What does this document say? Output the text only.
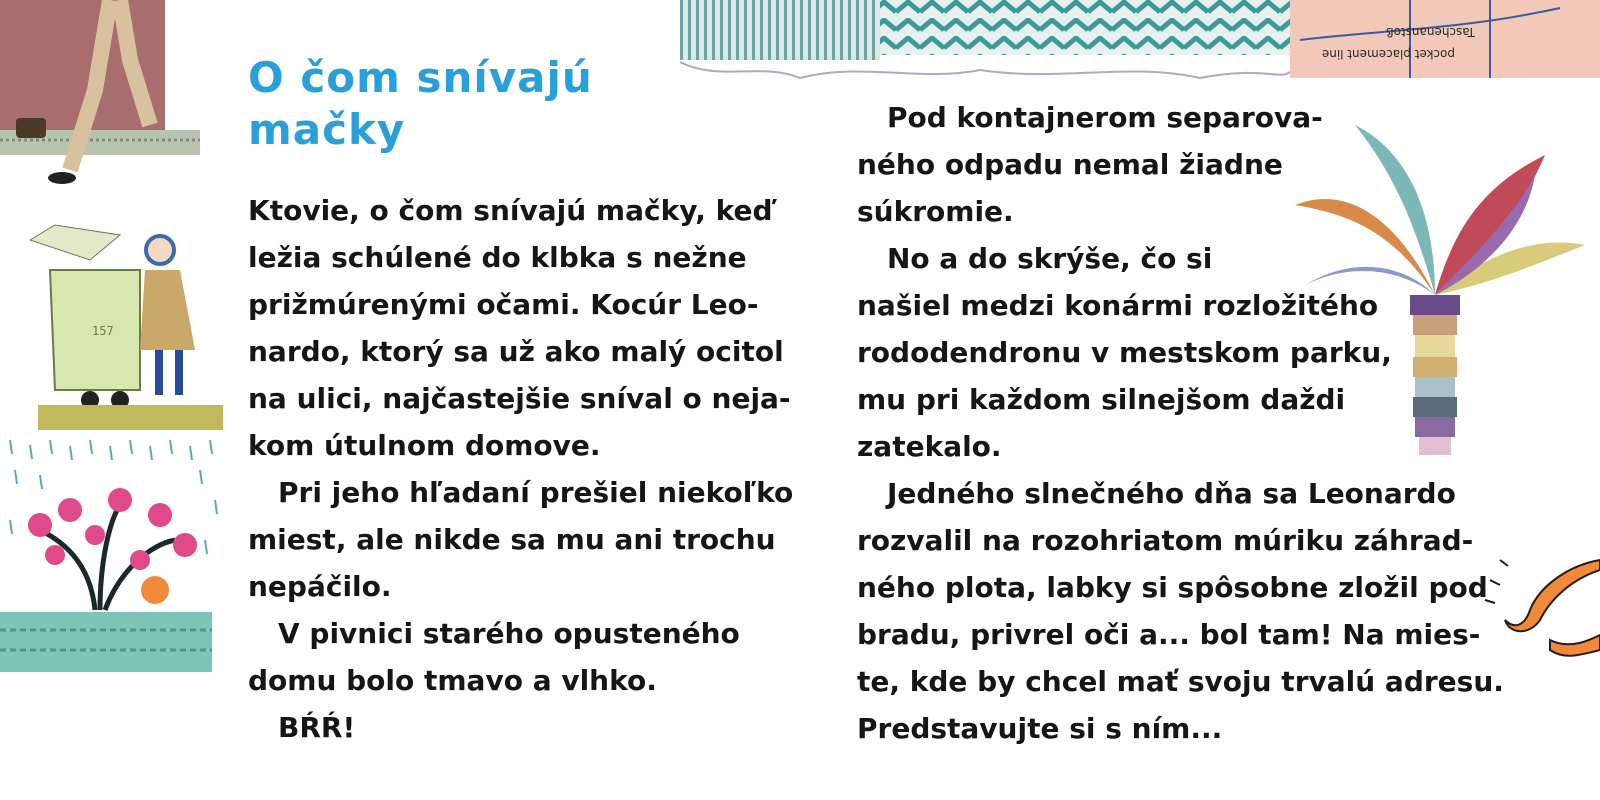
157
Taschenanstoß
pocket placement line
O čom snívajú
mačky
Ktovie, o čom snívajú mačky, keď
ležia schúlené do klbka s nežne
prižmúrenými očami. Kocúr Leo-
nardo, ktorý sa už ako malý ocitol
na ulici, najčastejšie sníval o neja-
kom útulnom domove.
Pri jeho hľadaní prešiel niekoľko
miest, ale nikde sa mu ani trochu
nepáčilo.
V pivnici starého opusteného
domu bolo tmavo a vlhko.
BŔŔ!
Pod kontajnerom separova-
ného odpadu nemal žiadne
súkromie.
No a do skrýše, čo si
našiel medzi konármi rozložitého
rododendronu v mestskom parku,
mu pri každom silnejšom daždi
zatekalo.
Jedného slnečného dňa sa Leonardo
rozvalil na rozohriatom múriku záhrad-
ného plota, labky si spôsobne zložil pod
bradu, privrel oči a... bol tam! Na mies-
te, kde by chcel mať svoju trvalú adresu.
Predstavujte si s ním...
